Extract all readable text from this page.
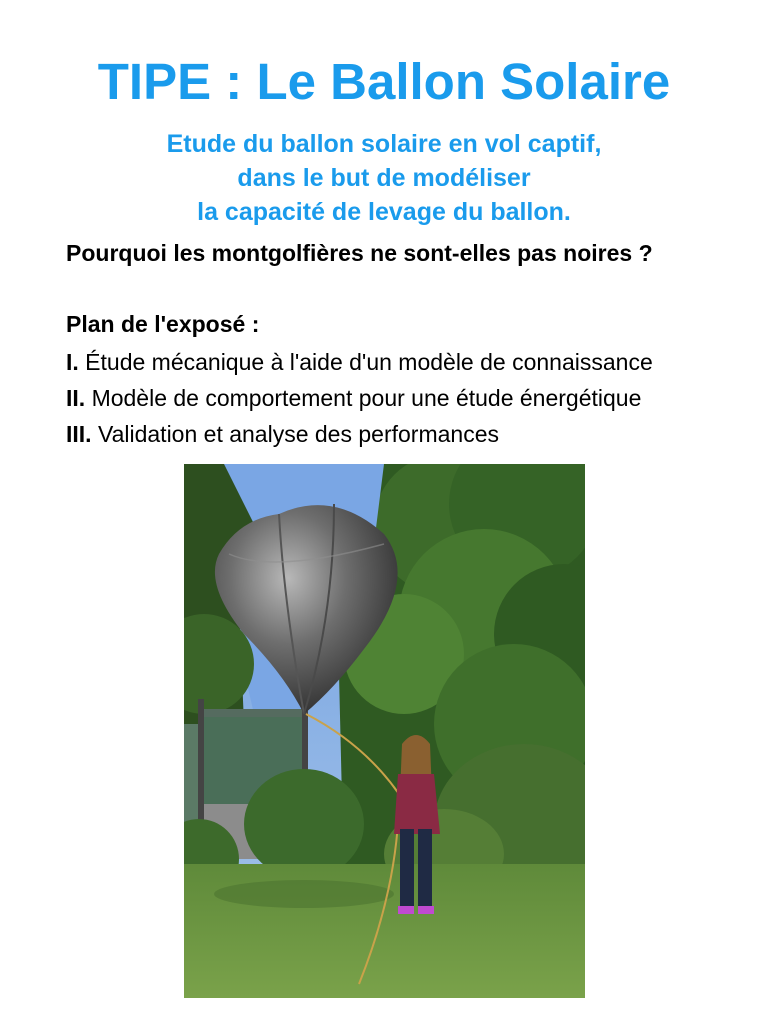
TIPE : Le Ballon Solaire
Etude du ballon solaire en vol captif,
dans le but de modéliser
la capacité de levage du ballon.
Pourquoi les montgolfières ne sont-elles pas noires ?
Plan de l'exposé :
I. Étude mécanique à l'aide d'un modèle de connaissance
II. Modèle de comportement pour une étude énergétique
III. Validation et analyse des performances
